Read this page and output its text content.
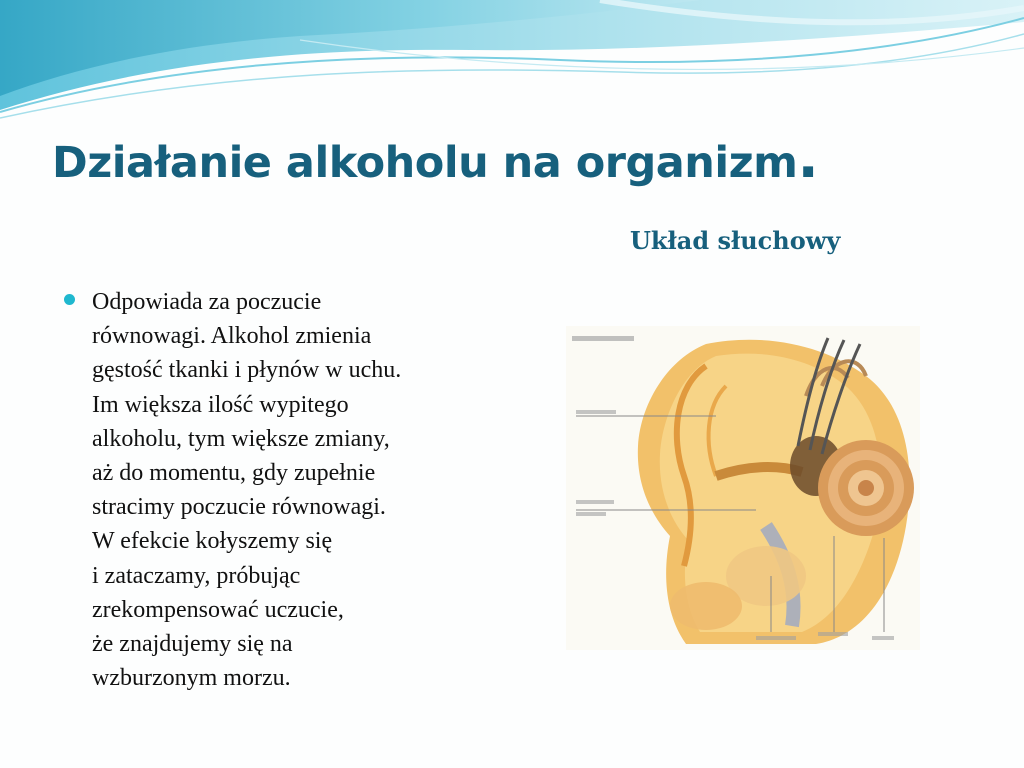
Działanie alkoholu na organizm.
Układ słuchowy

Odpowiada za poczucie
równowagi. Alkohol zmienia
gęstość tkanki i płynów w uchu.
Im większa ilość wypitego
alkoholu, tym większe zmiany,
aż do momentu, gdy zupełnie
stracimy poczucie równowagi.
W efekcie kołyszemy się
i zataczamy, próbując
zrekompensować uczucie,
że znajdujemy się na
wzburzonym morzu.
